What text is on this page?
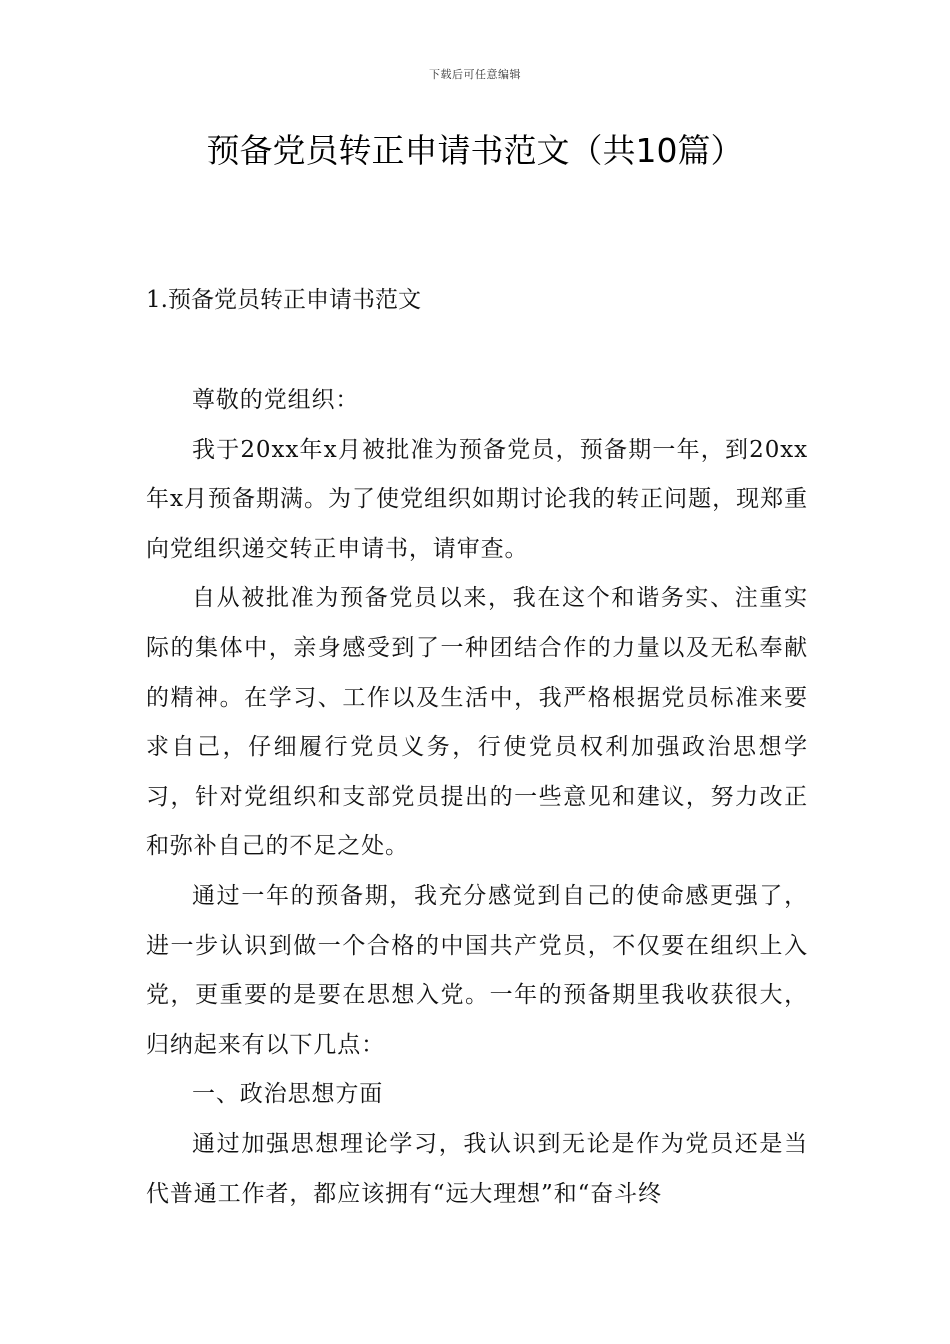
下载后可任意编辑
预备党员转正申请书范文（共10篇）
1.预备党员转正申请书范文

尊敬的党组织：

我于20xx年x月被批准为预备党员，预备期一年，到20xx年x月预备期满。为了使党组织如期讨论我的转正问题，现郑重向党组织递交转正申请书，请审查。

自从被批准为预备党员以来，我在这个和谐务实、注重实际的集体中，亲身感受到了一种团结合作的力量以及无私奉献的精神。在学习、工作以及生活中，我严格根据党员标准来要求自己，仔细履行党员义务，行使党员权利加强政治思想学习，针对党组织和支部党员提出的一些意见和建议，努力改正和弥补自己的不足之处。

通过一年的预备期，我充分感觉到自己的使命感更强了，进一步认识到做一个合格的中国共产党员，不仅要在组织上入党，更重要的是要在思想入党。一年的预备期里我收获很大，归纳起来有以下几点：

一、政治思想方面

通过加强思想理论学习，我认识到无论是作为党员还是当代普通工作者，都应该拥有“远大理想”和“奋斗终
